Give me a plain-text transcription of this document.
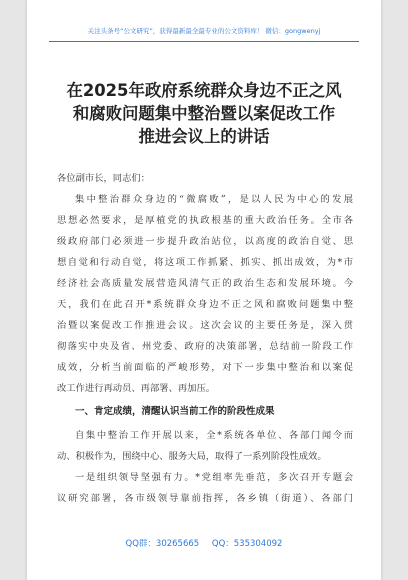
关注头条号“公文研究”，获得最新最全最专业的公文资料库！ 微信：gongwenyj
在2025年政府系统群众身边不正之风
和腐败问题集中整治暨以案促改工作
推进会议上的讲话
各位副市长，同志们：
集中整治群众身边的“微腐败”，是以人民为中心的发展
思想必然要求，是厚植党的执政根基的重大政治任务。全市各
级政府部门必须进一步提升政治站位，以高度的政治自觉、思
想自觉和行动自觉，将这项工作抓紧、抓实、抓出成效，为*市
经济社会高质量发展营造风清气正的政治生态和发展环境。今
天，我们在此召开*系统群众身边不正之风和腐败问题集中整
治暨以案促改工作推进会议。这次会议的主要任务是，深入贯
彻落实中央及省、州党委、政府的决策部署，总结前一阶段工作
成效，分析当前面临的严峻形势，对下一步集中整治和以案促
改工作进行再动员、再部署、再加压。
一、肯定成绩，清醒认识当前工作的阶段性成果
自集中整治工作开展以来，全*系统各单位、各部门闻令而
动、积极作为，围绕中心、服务大局，取得了一系列阶段性成效。
一是组织领导坚强有力。*党组率先垂范，多次召开专题会
议研究部署，各市级领导靠前指挥，各乡镇（街道）、各部门
QQ群：30265665 QQ：535304092
